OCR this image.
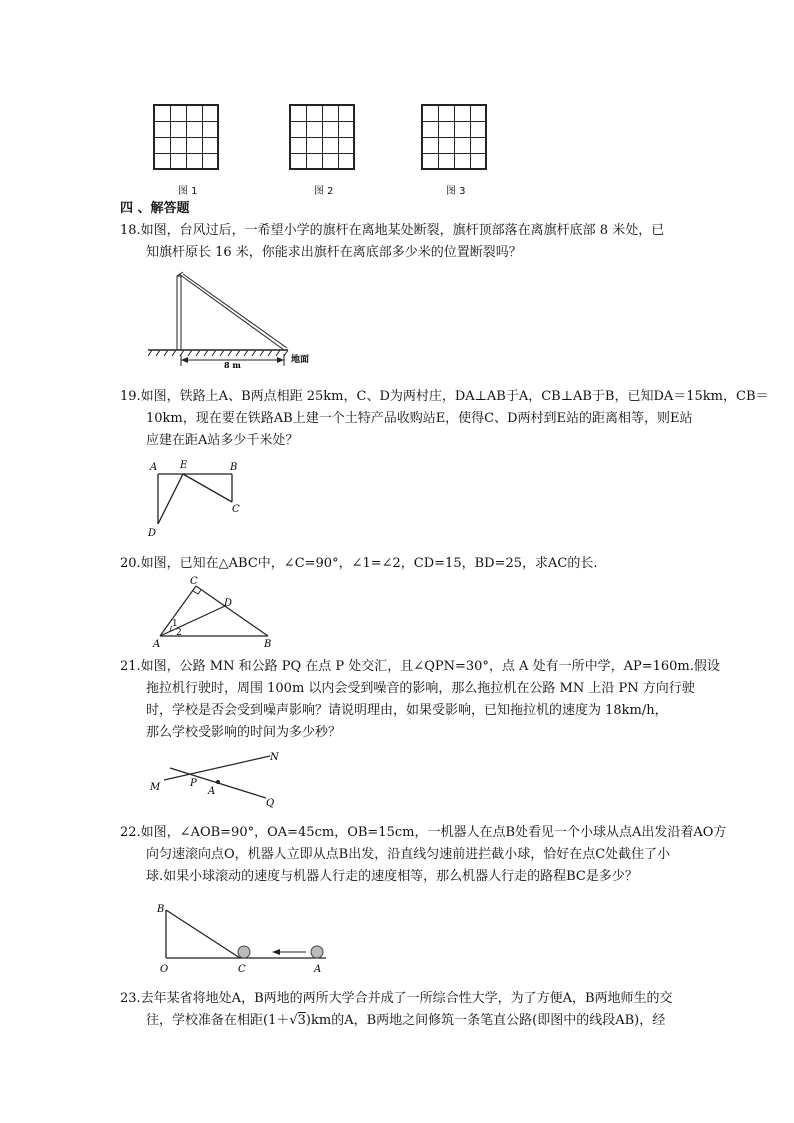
图 1	图 2	图 3
四 、解答题
18.如图，台风过后，一希望小学的旗杆在离地某处断裂，旗杆顶部落在离旗杆底部 8 米处，已
知旗杆原长 16 米，你能求出旗杆在离底部多少米的位置断裂吗？
8 m	地面
19.如图，铁路上A、B两点相距 25km，C、D为两村庄，DA⊥AB于A，CB⊥AB于B，已知DA＝15km，CB＝
10km，现在要在铁路AB上建一个土特产品收购站E，使得C、D两村到E站的距离相等，则E站
应建在距A站多少千米处？
A E	B
C
D
20.如图，已知在△ABC中，∠C=90°，∠1=∠2，CD=15，BD=25，求AC的长.
C
D
A	B
1
2
21.如图，公路 MN 和公路 PQ 在点 P 处交汇，且∠QPN=30°，点 A 处有一所中学，AP=160m.假设
拖拉机行驶时，周围 100m 以内会受到噪音的影响，那么拖拉机在公路 MN 上沿 PN 方向行驶
时，学校是否会受到噪声影响？请说明理由，如果受影响，已知拖拉机的速度为 18km/h，
那么学校受影响的时间为多少秒？
M
N
P
A
Q
22.如图，∠AOB=90°，OA=45cm，OB=15cm，一机器人在点B处看见一个小球从点A出发沿着AO方
向匀速滚向点O，机器人立即从点B出发，沿直线匀速前进拦截小球，恰好在点C处截住了小
球.如果小球滚动的速度与机器人行走的速度相等，那么机器人行走的路程BC是多少？
B
O	C	A
23.去年某省将地处A，B两地的两所大学合并成了一所综合性大学，为了方便A，B两地师生的交
往，学校准备在相距(1＋√3)km的A，B两地之间修筑一条笔直公路(即图中的线段AB)，经
